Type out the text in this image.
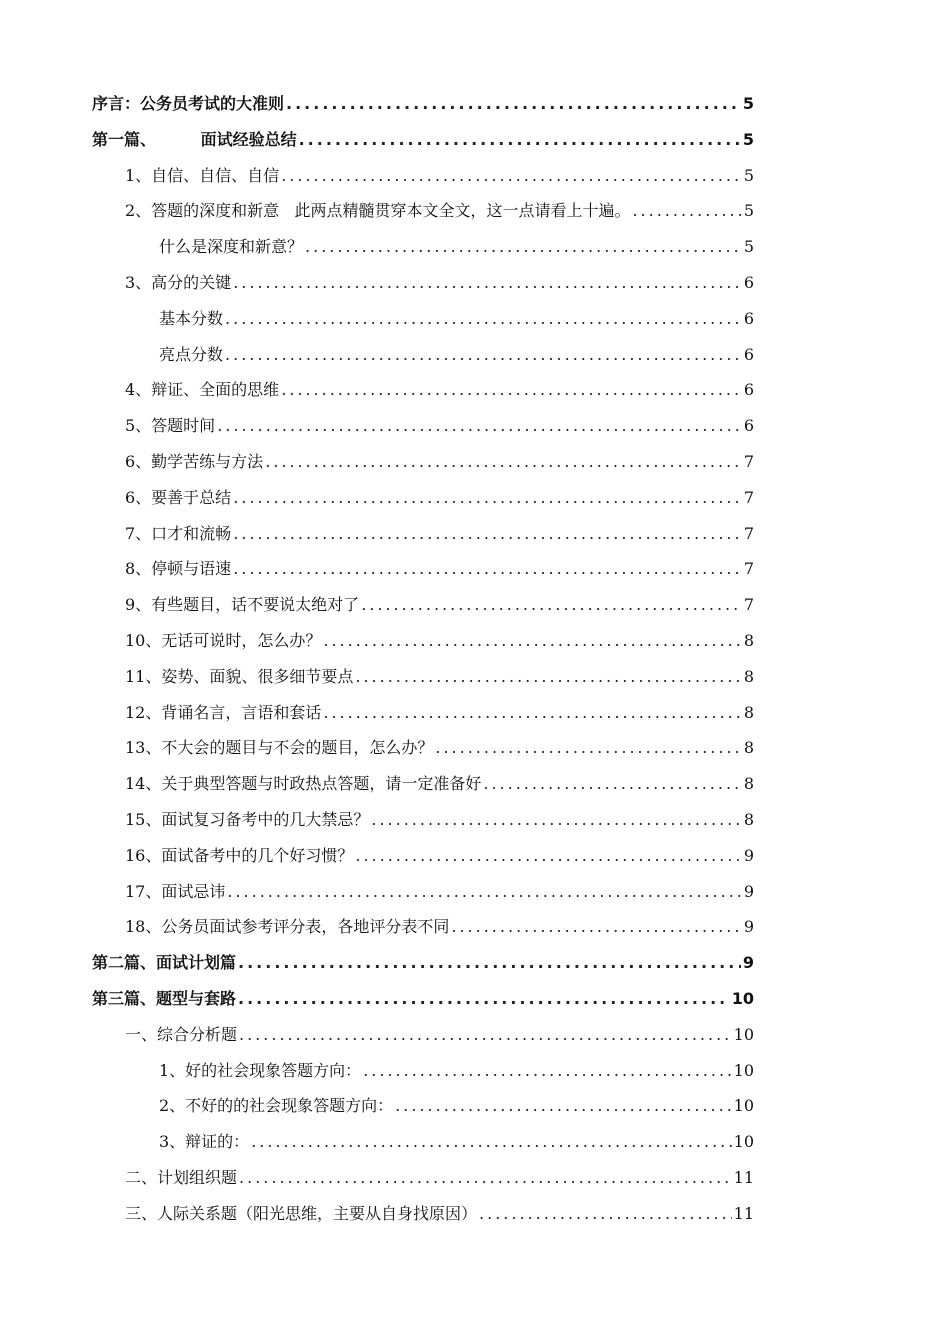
序言：公务员考试的大准则 .....	5
第一篇、        面试经验总结 .....	5
1、自信、自信、自信 .....	5
2、答题的深度和新意   此两点精髓贯穿本文全文，这一点请看上十遍。 .....	5
什么是深度和新意？ .....	5
3、高分的关键 .....	6
基本分数 .....	6
亮点分数 .....	6
4、辩证、全面的思维 .....	6
5、答题时间 .....	6
6、勤学苦练与方法 .....	7
6、要善于总结 .....	7
7、口才和流畅 .....	7
8、停顿与语速 .....	7
9、有些题目，话不要说太绝对了 .....	7
10、无话可说时，怎么办？ .....	8
11、姿势、面貌、很多细节要点 .....	8
12、背诵名言，言语和套话 .....	8
13、不大会的题目与不会的题目，怎么办？ .....	8
14、关于典型答题与时政热点答题，请一定准备好 .....	8
15、面试复习备考中的几大禁忌？ .....	8
16、面试备考中的几个好习惯？ .....	9
17、面试忌讳 .....	9
18、公务员面试参考评分表，各地评分表不同 .....	9
第二篇、面试计划篇 .....	9
第三篇、题型与套路 .....	10
一、综合分析题 .....	10
1、好的社会现象答题方向： .....	10
2、不好的的社会现象答题方向： .....	10
3、辩证的： .....	10
二、计划组织题 .....	11
三、人际关系题（阳光思维，主要从自身找原因） .....	11
